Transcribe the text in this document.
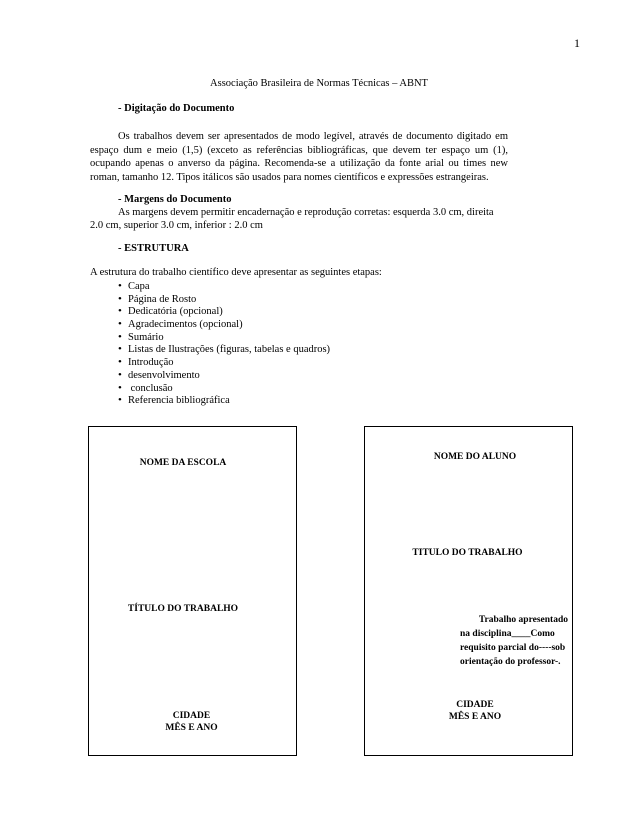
1
Associação Brasileira de Normas Técnicas – ABNT
- Digitação do Documento
Os trabalhos devem ser apresentados de modo legível, através de documento digitado em espaço dum e meio (1,5) (exceto as referências bibliográficas, que devem ter espaço um (1), ocupando apenas o anverso da página. Recomenda-se a utilização da fonte arial ou times new roman, tamanho 12. Tipos itálicos são usados para nomes científicos e expressões estrangeiras.
- Margens do Documento
As margens devem permitir encadernação e reprodução corretas: esquerda 3.0 cm, direita
2.0 cm, superior 3.0 cm, inferior : 2.0 cm
- ESTRUTURA
A estrutura do trabalho científico deve apresentar as seguintes etapas:
• Capa
• Página de Rosto
• Dedicatória (opcional)
• Agradecimentos (opcional)
• Sumário
• Listas de Ilustrações (figuras, tabelas e quadros)
• Introdução
• desenvolvimento
• conclusão
• Referencia bibliográfica
NOME DA ESCOLA
TÍTULO DO TRABALHO
CIDADE
MÊS E ANO
NOME DO ALUNO
TITULO DO TRABALHO
Trabalho apresentado
na disciplina____Como
requisito parcial do----sob
orientação do professor-.
CIDADE
MÊS E ANO
